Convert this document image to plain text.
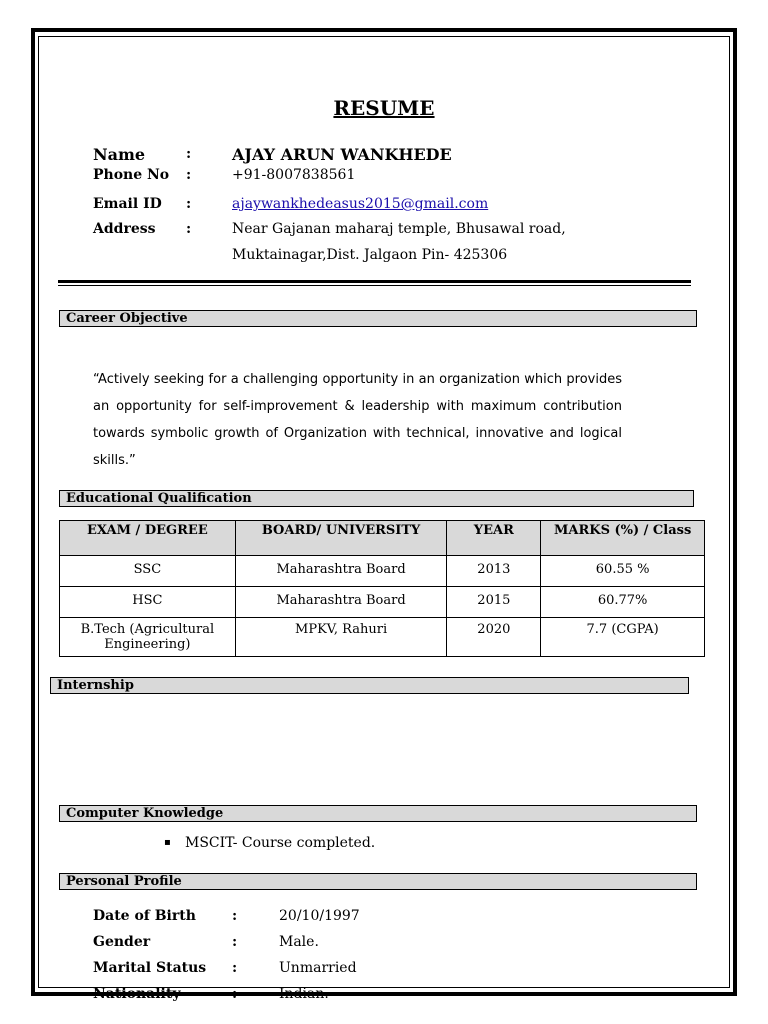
RESUME
Name	:	AJAY ARUN WANKHEDE
Phone No :	+91-8007838561
Email ID :	ajaywankhedeasus2015@gmail.com
Address :	Near Gajanan maharaj temple, Bhusawal road,
Muktainagar,Dist. Jalgaon Pin- 425306
Career Objective
“Actively seeking for a challenging opportunity in an organization which provides an opportunity for self-improvement & leadership with maximum contribution towards symbolic growth of Organization with technical, innovative and logical skills.”
Educational Qualification
EXAM / DEGREE	BOARD/ UNIVERSITY	YEAR	MARKS (%) / Class
SSC	Maharashtra Board	2013	60.55 %
HSC	Maharashtra Board	2015	60.77%
B.Tech (Agricultural Engineering)	MPKV, Rahuri	2020	7.7 (CGPA)
Internship
Computer Knowledge
▪ MSCIT- Course completed.
Personal Profile
Date of Birth	:	20/10/1997
Gender	:	Male.
Marital Status :	Unmarried
